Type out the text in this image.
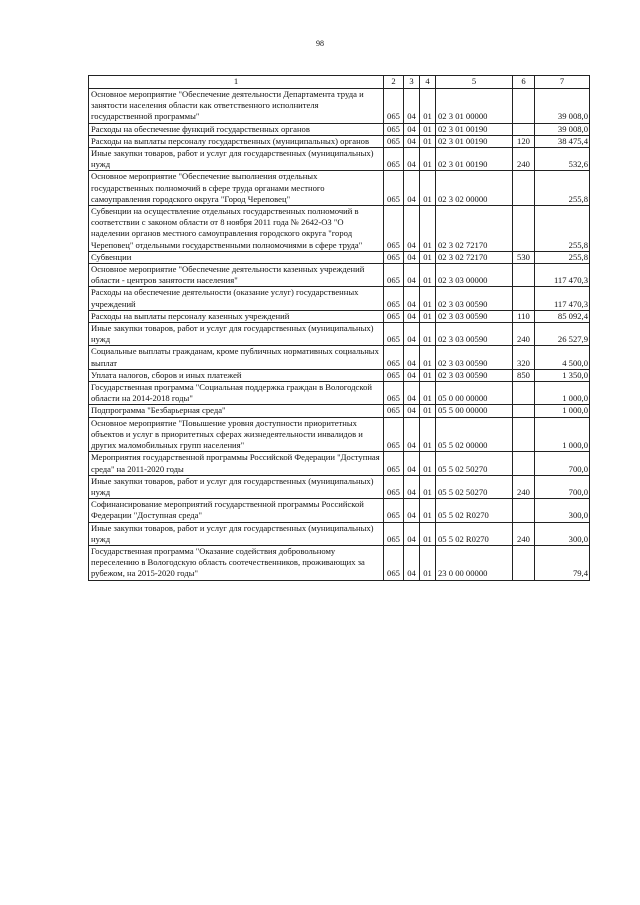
98
1	2	3	4	5	6	7
Основное мероприятие "Обеспечение деятельности Департамента труда и занятости населения области как ответственного исполнителя государственной программы"	065	04	01	02 3 01 00000		39 008,0
Расходы на обеспечение функций государственных органов	065	04	01	02 3 01 00190		39 008,0
Расходы на выплаты персоналу государственных (муниципальных) органов	065	04	01	02 3 01 00190	120	38 475,4
Иные закупки товаров, работ и услуг для государственных (муниципальных) нужд	065	04	01	02 3 01 00190	240	532,6
Основное мероприятие "Обеспечение выполнения отдельных государственных полномочий в сфере труда органами местного самоуправления городского округа "Город Череповец"	065	04	01	02 3 02 00000		255,8
Субвенции на осуществление отдельных государственных полномочий в соответствии с законом области от 8 ноября 2011 года № 2642-ОЗ "О наделении органов местного самоуправления городского округа "город Череповец" отдельными государственными полномочиями в сфере труда"	065	04	01	02 3 02 72170		255,8
Субвенции	065	04	01	02 3 02 72170	530	255,8
Основное мероприятие "Обеспечение деятельности казенных учреждений области - центров занятости населения"	065	04	01	02 3 03 00000		117 470,3
Расходы на обеспечение деятельности (оказание услуг) государственных учреждений	065	04	01	02 3 03 00590		117 470,3
Расходы на выплаты персоналу казенных учреждений	065	04	01	02 3 03 00590	110	85 092,4
Иные закупки товаров, работ и услуг для государственных (муниципальных) нужд	065	04	01	02 3 03 00590	240	26 527,9
Социальные выплаты гражданам, кроме публичных нормативных социальных выплат	065	04	01	02 3 03 00590	320	4 500,0
Уплата налогов, сборов и иных платежей	065	04	01	02 3 03 00590	850	1 350,0
Государственная программа "Социальная поддержка граждан в Вологодской области на 2014-2018 годы"	065	04	01	05 0 00 00000		1 000,0
Подпрограмма "Безбарьерная среда"	065	04	01	05 5 00 00000		1 000,0
Основное мероприятие "Повышение уровня доступности приоритетных объектов и услуг в приоритетных сферах жизнедеятельности инвалидов и других маломобильных групп населения"	065	04	01	05 5 02 00000		1 000,0
Мероприятия государственной программы Российской Федерации "Доступная среда" на 2011-2020 годы	065	04	01	05 5 02 50270		700,0
Иные закупки товаров, работ и услуг для государственных (муниципальных) нужд	065	04	01	05 5 02 50270	240	700,0
Софинансирование мероприятий государственной программы Российской Федерации "Доступная среда"	065	04	01	05 5 02 R0270		300,0
Иные закупки товаров, работ и услуг для государственных (муниципальных) нужд	065	04	01	05 5 02 R0270	240	300,0
Государственная программа "Оказание содействия добровольному переселению в Вологодскую область соотечественников, проживающих за рубежом, на 2015-2020 годы"	065	04	01	23 0 00 00000		79,4
